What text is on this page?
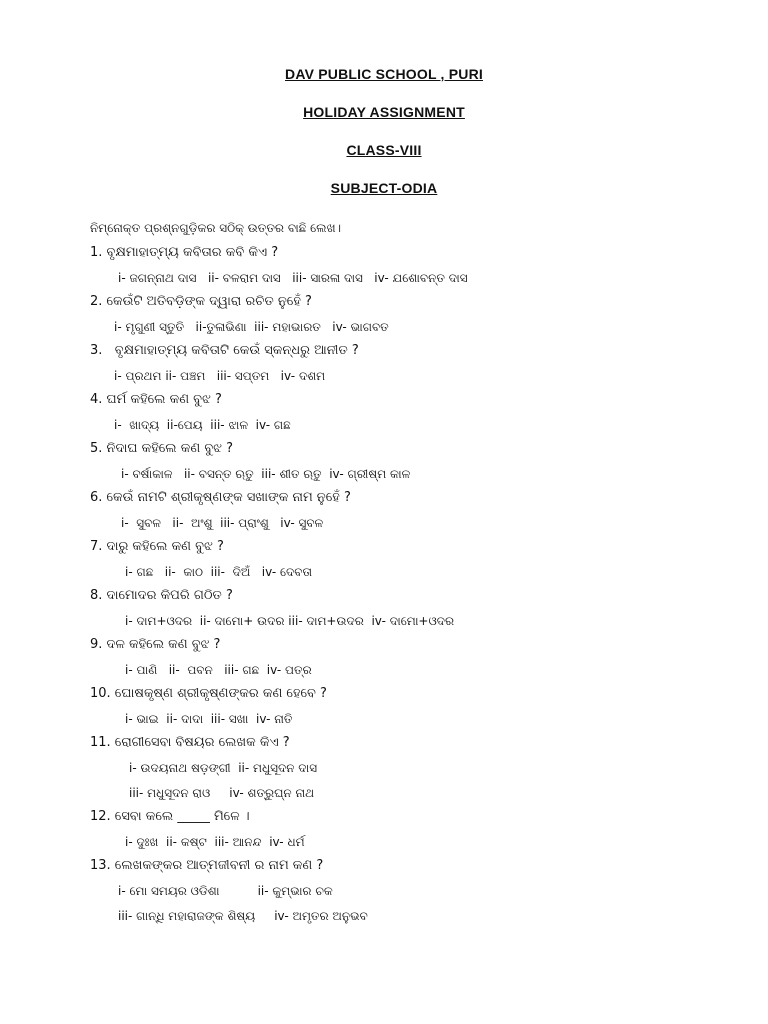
DAV PUBLIC SCHOOL , PURI
HOLIDAY ASSIGNMENT
CLASS-VIII
SUBJECT-ODIA
ନିମ୍ନୋକ୍ତ ପ୍ରଶ୍ନଗୁଡ଼ିକର ସଠିକ୍ ଉତ୍ତର ବାଛି ଲେଖ।
1. ବୃକ୍ଷମାହାତ୍ମ୍ୟ କବିତାର କବି କିଏ ?
i- ଜଗନ୍ନାଥ ଦାସ   ii- ବଳରାମ ଦାସ   iii- ସାରଳା ଦାସ   iv- ଯଶୋବନ୍ତ ଦାସ
2. କେଉଁଟି ଅତିବଡ଼ିଙ୍କ ଦ୍ୱାରା ରଚିତ ନୁହେଁ ?
i- ମୃଗୁଣୀ ସ୍ତୁତି   ii-ତୁଳାଭିଣା  iii- ମହାଭାରତ   iv- ଭାଗବତ
3.   ବୃକ୍ଷମାହାତ୍ମ୍ୟ କବିତାଟି କେଉଁ ସ୍କନ୍ଧରୁ ଆନୀତ ?
i- ପ୍ରଥମ ii- ପଞ୍ଚମ   iii- ସପ୍ତମ   iv- ଦଶମ
4. ଘର୍ମ କହିଲେ କଣ ବୁଝ ?
i-  ଖାଦ୍ୟ  ii-ପେୟ  iii- ଝାଳ  iv- ଗଛ
5. ନିଦାଘ କହିଲେ କଣ ବୁଝ ?
i- ବର୍ଷାକାଳ   ii- ବସନ୍ତ ଋତୁ  iii- ଶୀତ ଋତୁ  iv- ଗ୍ରୀଷ୍ମ କାଳ
6. କେଉଁ ନାମଟି ଶ୍ରୀକୃଷ୍ଣଙ୍କ ସଖାଙ୍କ ନାମ ନୁହେଁ ?
i-  ସୁବଳ   ii-  ଅଂଶୁ  iii- ପ୍ରାଂଶୁ   iv- ସୁବଳ
7. ଦାରୁ କହିଲେ କଣ ବୁଝ ?
i- ଗଛ   ii-  କାଠ  iii-  ଦିଅଁ   iv- ଦେବତା
8. ଦାମୋଦର କିପରି ଗଠିତ ?
i- ଦାମ+ଓଦର  ii- ଦାମୋ+ ଉଦର iii- ଦାମ+ଉଦର  iv- ଦାମୋ+ଓଦର
9. ଦଳ କହିଲେ କଣ ବୁଝ ?
i- ପାଣି   ii-  ପବନ   iii- ଗଛ  iv- ପତ୍ର
10. ଘୋଷକୃଷ୍ଣ ଶ୍ରୀକୃଷ୍ଣଙ୍କର କଣ ହେବେ ?
i- ଭାଇ  ii- ଦାଦା  iii- ସଖା  iv- ନାତି
11. ରୋଗୀସେବା ବିଷୟର ଲେଖକ କିଏ ?
i- ଉଦୟନାଥ ଷଡ଼ଙ୍ଗୀ  ii- ମଧୁସୂଦନ ଦାସ
iii- ମଧୁସୂଦନ ରାଓ     iv- ଶତ୍ରୁଘ୍ନ ନାଥ
12. ସେବା କଲେ _____ ମିଳେ ।
i- ଦୁଃଖ  ii- କଷ୍ଟ  iii- ଆନନ୍ଦ  iv- ଧର୍ମ
13. ଲେଖକଙ୍କର ଆତ୍ମଜୀବନୀ ର ନାମ କଣ ?
i- ମୋ ସମୟର ଓଡିଶା          ii- କୁମ୍ଭାର ଚକ
iii- ଗାନ୍ଧି ମହାରାଜଙ୍କ ଶିଷ୍ୟ     iv- ଅମୃତର ଅନୁଭବ
